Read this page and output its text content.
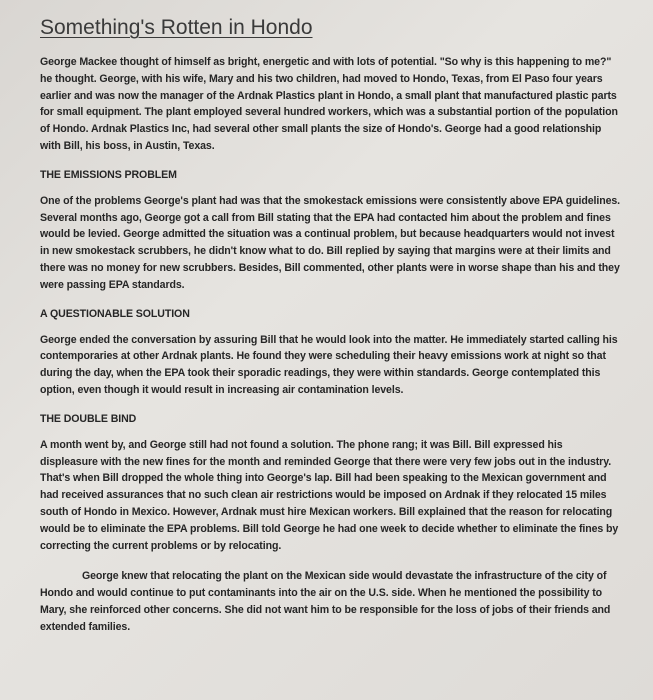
Something's Rotten in Hondo

George Mackee thought of himself as bright, energetic and with lots of potential. "So why is this happening to me?" he thought. George, with his wife, Mary and his two children, had moved to Hondo, Texas, from El Paso four years earlier and was now the manager of the Ardnak Plastics plant in Hondo, a small plant that manufactured plastic parts for small equipment. The plant employed several hundred workers, which was a substantial portion of the population of Hondo. Ardnak Plastics Inc, had several other small plants the size of Hondo's. George had a good relationship with Bill, his boss, in Austin, Texas.

THE EMISSIONS PROBLEM

One of the problems George's plant had was that the smokestack emissions were consistently above EPA guidelines. Several months ago, George got a call from Bill stating that the EPA had contacted him about the problem and fines would be levied. George admitted the situation was a continual problem, but because headquarters would not invest in new smokestack scrubbers, he didn't know what to do. Bill replied by saying that margins were at their limits and there was no money for new scrubbers. Besides, Bill commented, other plants were in worse shape than his and they were passing EPA standards.

A QUESTIONABLE SOLUTION

George ended the conversation by assuring Bill that he would look into the matter. He immediately started calling his contemporaries at other Ardnak plants. He found they were scheduling their heavy emissions work at night so that during the day, when the EPA took their sporadic readings, they were within standards. George contemplated this option, even though it would result in increasing air contamination levels.

THE DOUBLE BIND

A month went by, and George still had not found a solution. The phone rang; it was Bill. Bill expressed his displeasure with the new fines for the month and reminded George that there were very few jobs out in the industry. That's when Bill dropped the whole thing into George's lap. Bill had been speaking to the Mexican government and had received assurances that no such clean air restrictions would be imposed on Ardnak if they relocated 15 miles south of Hondo in Mexico. However, Ardnak must hire Mexican workers. Bill explained that the reason for relocating would be to eliminate the EPA problems. Bill told George he had one week to decide whether to eliminate the fines by correcting the current problems or by relocating.

George knew that relocating the plant on the Mexican side would devastate the infrastructure of the city of Hondo and would continue to put contaminants into the air on the U.S. side. When he mentioned the possibility to Mary, she reinforced other concerns. She did not want him to be responsible for the loss of jobs of their friends and extended families.
